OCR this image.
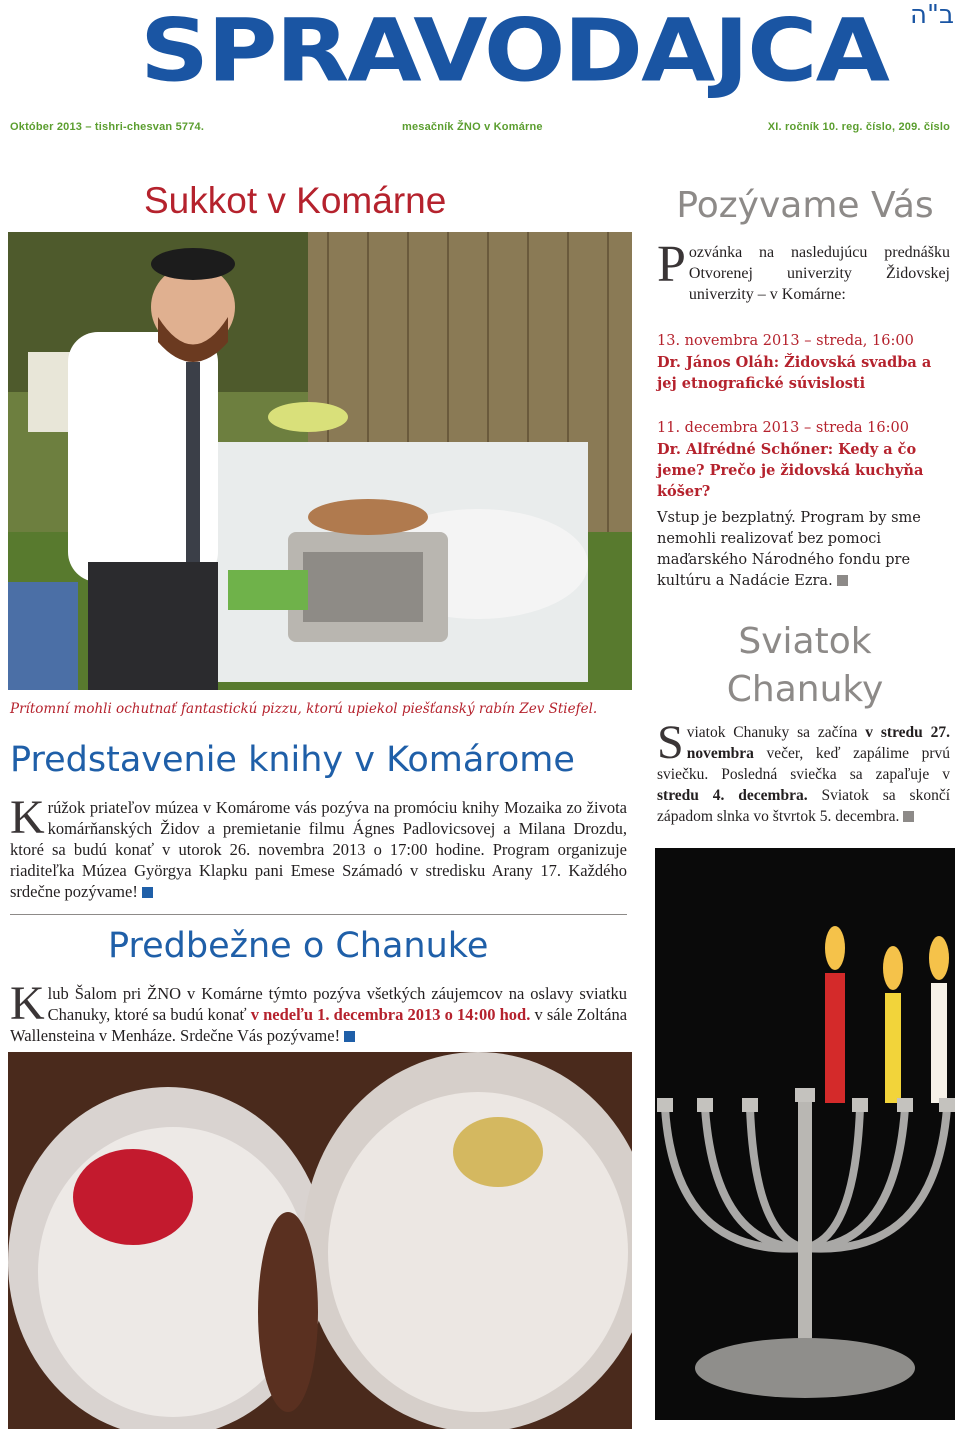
SPRAVODAJCA ב"ה
Október 2013 – tishri-chesvan 5774.	mesačník ŽNO v Komárne	XI. ročník 10. reg. číslo, 209. číslo
Sukkot v Komárne
Prítomní mohli ochutnať fantastickú pizzu, ktorú upiekol piešťanský rabín Zev Stiefel.
Predstavenie knihy v Komárome
Krúžok priateľov múzea v Komárome vás pozýva na promóciu knihy Mozaika zo života komárňanských Židov a premietanie filmu Ágnes Padlovicsovej a Milana Drozdu, ktoré sa budú konať v utorok 26. novembra 2013 o 17:00 hodine. Program organizuje riaditeľka Múzea Györgya Klapku pani Emese Számadó v stredisku Arany 17. Každého srdečne pozývame!
Predbežne o Chanuke
Klub Šalom pri ŽNO v Komárne týmto pozýva všetkých záujemcov na oslavy sviatku Chanuky, ktoré sa budú konať v nedeľu 1. decembra 2013 o 14:00 hod. v sále Zoltána Wallensteina v Menháze. Srdečne Vás pozývame!
Pozývame Vás
Pozvánka na nasledujúcu prednášku Otvorenej univerzity Židovskej univerzity – v Komárne:
13. novembra 2013 – streda, 16:00
Dr. János Oláh: Židovská svadba a jej etnografické súvislosti
11. decembra 2013 – streda 16:00
Dr. Alfrédné Schőner: Kedy a čo jeme? Prečo je židovská kuchyňa kóšer?
Vstup je bezplatný. Program by sme nemohli realizovať bez pomoci maďarského Národného fondu pre kultúru a Nadácie Ezra.
Sviatok
Chanuky
Sviatok Chanuky sa začína v stredu 27. novembra večer, keď zapálime prvú sviečku. Posledná sviečka sa zapaľuje v stredu 4. decembra. Sviatok sa skončí západom slnka vo štvrtok 5. decembra.
